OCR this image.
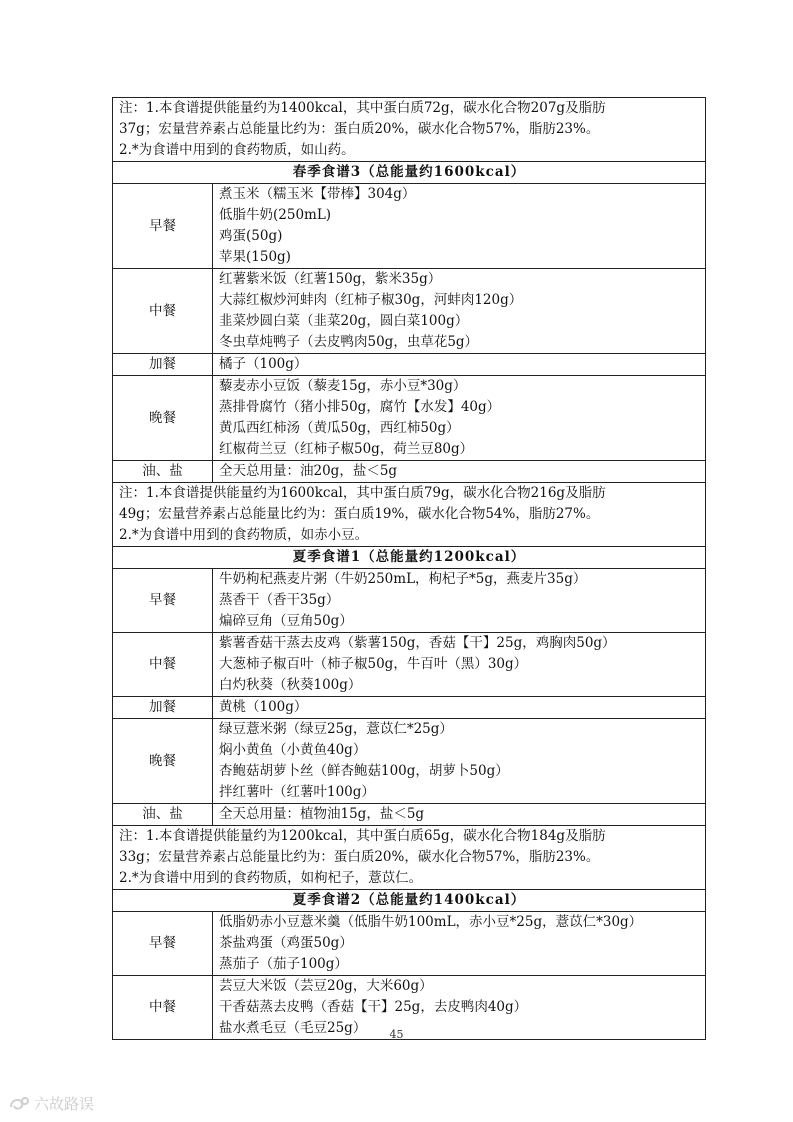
注：1.本食谱提供能量约为1400kcal，其中蛋白质72g，碳水化合物207g及脂肪
37g；宏量营养素占总能量比约为：蛋白质20%，碳水化合物57%，脂肪23%。
2.*为食谱中用到的食药物质，如山药。	

春季食谱3（总能量约1600kcal）	
早餐	煮玉米（糯玉米【带棒】304g）
低脂牛奶(250mL)
鸡蛋(50g)
苹果(150g)

中餐	红薯紫米饭（红薯150g，紫米35g）
大蒜红椒炒河蚌肉（红柿子椒30g，河蚌肉120g）
韭菜炒圆白菜（韭菜20g，圆白菜100g）
冬虫草炖鸭子（去皮鸭肉50g，虫草花5g）

加餐	橘子（100g）

晚餐	藜麦赤小豆饭（藜麦15g，赤小豆*30g）
蒸排骨腐竹（猪小排50g，腐竹【水发】40g）
黄瓜西红柿汤（黄瓜50g，西红柿50g）
红椒荷兰豆（红柿子椒50g，荷兰豆80g）

油、盐	全天总用量：油20g，盐＜5g

注：1.本食谱提供能量约为1600kcal，其中蛋白质79g，碳水化合物216g及脂肪
49g；宏量营养素占总能量比约为：蛋白质19%，碳水化合物54%，脂肪27%。
2.*为食谱中用到的食药物质，如赤小豆。	

夏季食谱1（总能量约1200kcal）	
早餐	牛奶枸杞燕麦片粥（牛奶250mL，枸杞子*5g，燕麦片35g）
蒸香干（香干35g）
煸碎豆角（豆角50g）

中餐	紫薯香菇干蒸去皮鸡（紫薯150g，香菇【干】25g，鸡胸肉50g）
大葱柿子椒百叶（柿子椒50g，牛百叶（黑）30g）
白灼秋葵（秋葵100g）

加餐	黄桃（100g）

晚餐	绿豆薏米粥（绿豆25g，薏苡仁*25g）
焖小黄鱼（小黄鱼40g）
杏鲍菇胡萝卜丝（鲜杏鲍菇100g，胡萝卜50g）
拌红薯叶（红薯叶100g）

油、盐	全天总用量：植物油15g，盐＜5g

注：1.本食谱提供能量约为1200kcal，其中蛋白质65g，碳水化合物184g及脂肪
33g；宏量营养素占总能量比约为：蛋白质20%，碳水化合物57%，脂肪23%。
2.*为食谱中用到的食药物质，如枸杞子，薏苡仁。	

夏季食谱2（总能量约1400kcal）	
早餐	低脂奶赤小豆薏米羹（低脂牛奶100mL，赤小豆*25g，薏苡仁*30g）
茶盐鸡蛋（鸡蛋50g）
蒸茄子（茄子100g）

中餐	芸豆大米饭（芸豆20g，大米60g）
干香菇蒸去皮鸭（香菇【干】25g，去皮鸭肉40g）
盐水煮毛豆（毛豆25g）	45
六故路误
